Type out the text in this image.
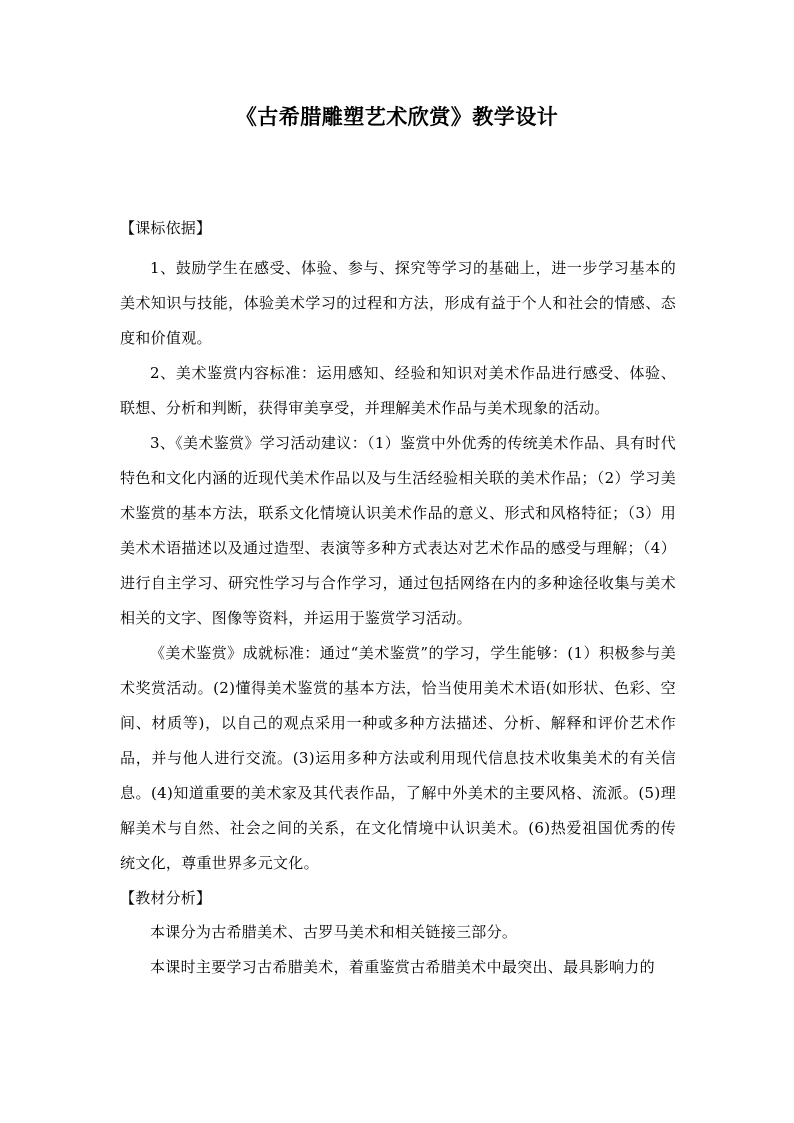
《古希腊雕塑艺术欣赏》教学设计

【课标依据】

1、鼓励学生在感受、体验、参与、探究等学习的基础上，进一步学习基本的美术知识与技能，体验美术学习的过程和方法，形成有益于个人和社会的情感、态度和价值观。

2、美术鉴赏内容标准：运用感知、经验和知识对美术作品进行感受、体验、联想、分析和判断，获得审美享受，并理解美术作品与美术现象的活动。

3、《美术鉴赏》学习活动建议：（1）鉴赏中外优秀的传统美术作品、具有时代特色和文化内涵的近现代美术作品以及与生活经验相关联的美术作品；（2）学习美术鉴赏的基本方法，联系文化情境认识美术作品的意义、形式和风格特征；（3）用美术术语描述以及通过造型、表演等多种方式表达对艺术作品的感受与理解；（4）进行自主学习、研究性学习与合作学习，通过包括网络在内的多种途径收集与美术相关的文字、图像等资料，并运用于鉴赏学习活动。

《美术鉴赏》成就标准：通过“美术鉴赏”的学习，学生能够：(1）积极参与美术奖赏活动。(2)懂得美术鉴赏的基本方法，恰当使用美术术语(如形状、色彩、空间、材质等)，以自己的观点采用一种或多种方法描述、分析、解释和评价艺术作品，并与他人进行交流。(3)运用多种方法或利用现代信息技术收集美术的有关信息。(4)知道重要的美术家及其代表作品，了解中外美术的主要风格、流派。(5)理解美术与自然、社会之间的关系，在文化情境中认识美术。(6)热爱祖国优秀的传统文化，尊重世界多元文化。

【教材分析】

本课分为古希腊美术、古罗马美术和相关链接三部分。

本课时主要学习古希腊美术，着重鉴赏古希腊美术中最突出、最具影响力的
